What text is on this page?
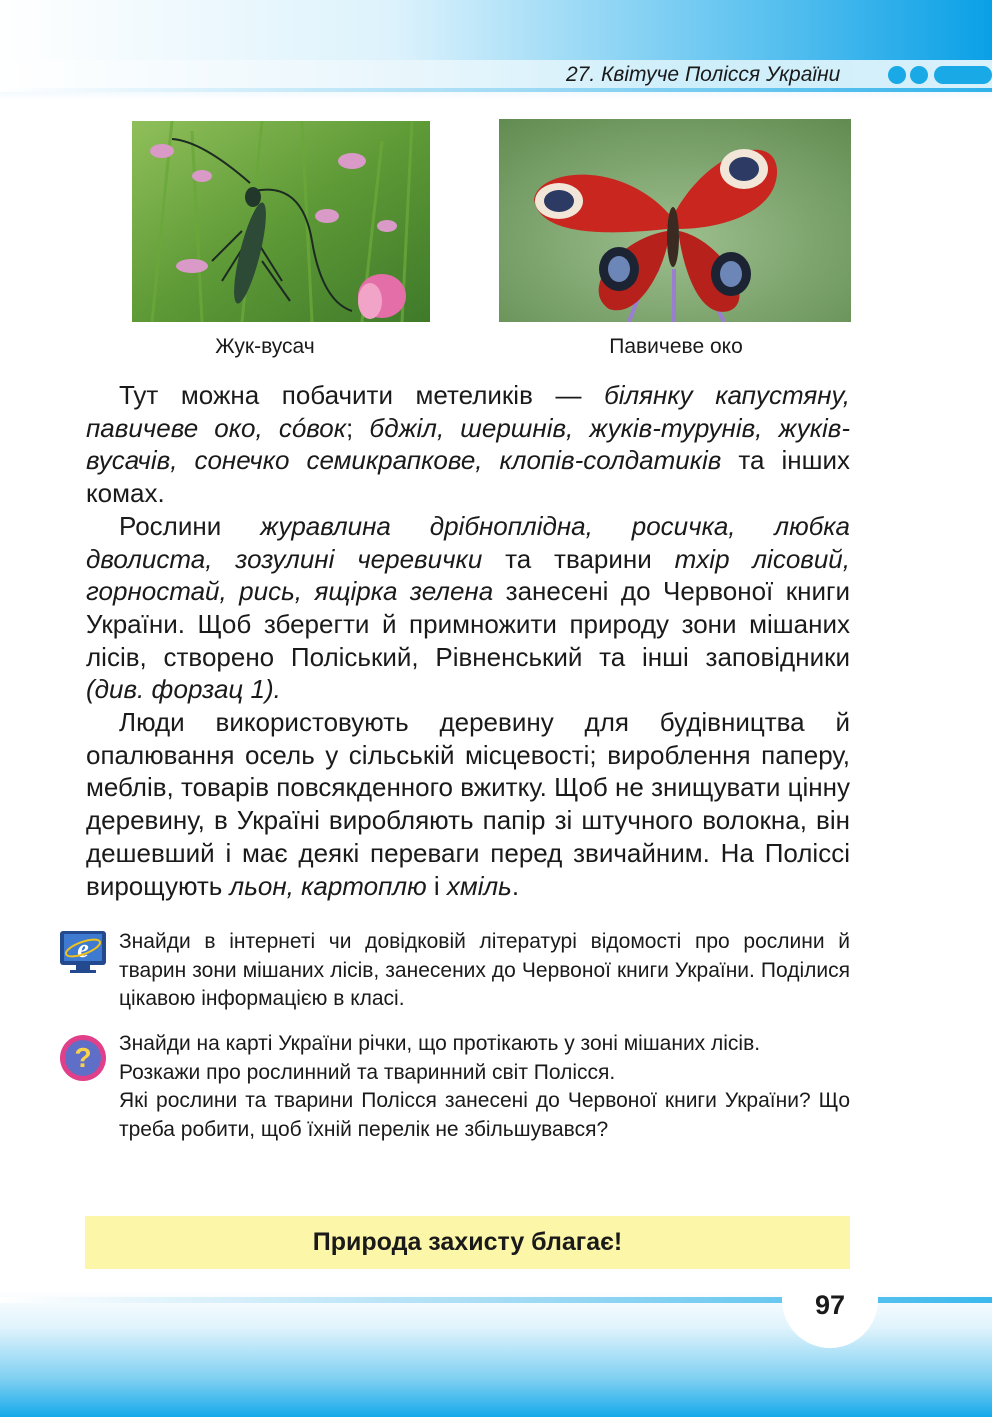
27. Квітуче Полісся України
Жук-вусач	Павичеве око

Тут можна побачити метеликів — білянку капустяну, павичеве око, сóвок; бджіл, шершнів, жуків-турунів, жуків-вусачів, сонечко семикрапкове, клопів-солдатиків та інших комах.

Рослини журавлина дрібноплідна, росичка, любка дволиста, зозулині черевички та тварини тхір лісовий, горностай, рись, ящірка зелена занесені до Червоної книги України. Щоб зберегти й примножити природу зони мішаних лісів, створено Поліський, Рівненський та інші заповідники (див. форзац 1).

Люди використовують деревину для будівництва й опалювання осель у сільській місцевості; вироблення паперу, меблів, товарів повсякденного вжитку. Щоб не знищувати цінну деревину, в Україні виробляють папір зі штучного волокна, він дешевший і має деякі переваги перед звичайним. На Поліссі вирощують льон, картоплю і хміль.

e Знайди в інтернеті чи довідковій літературі відомості про рослини й тварин зони мішаних лісів, занесених до Червоної книги України. Поділися цікавою інформацією в класі.

? Знайди на карті України річки, що протікають у зоні мішаних лісів.

Розкажи про рослинний та тваринний світ Полісся.

Які рослини та тварини Полісся занесені до Червоної книги України? Що треба робити, щоб їхній перелік не збільшувався?

Природа захисту благає!
97
